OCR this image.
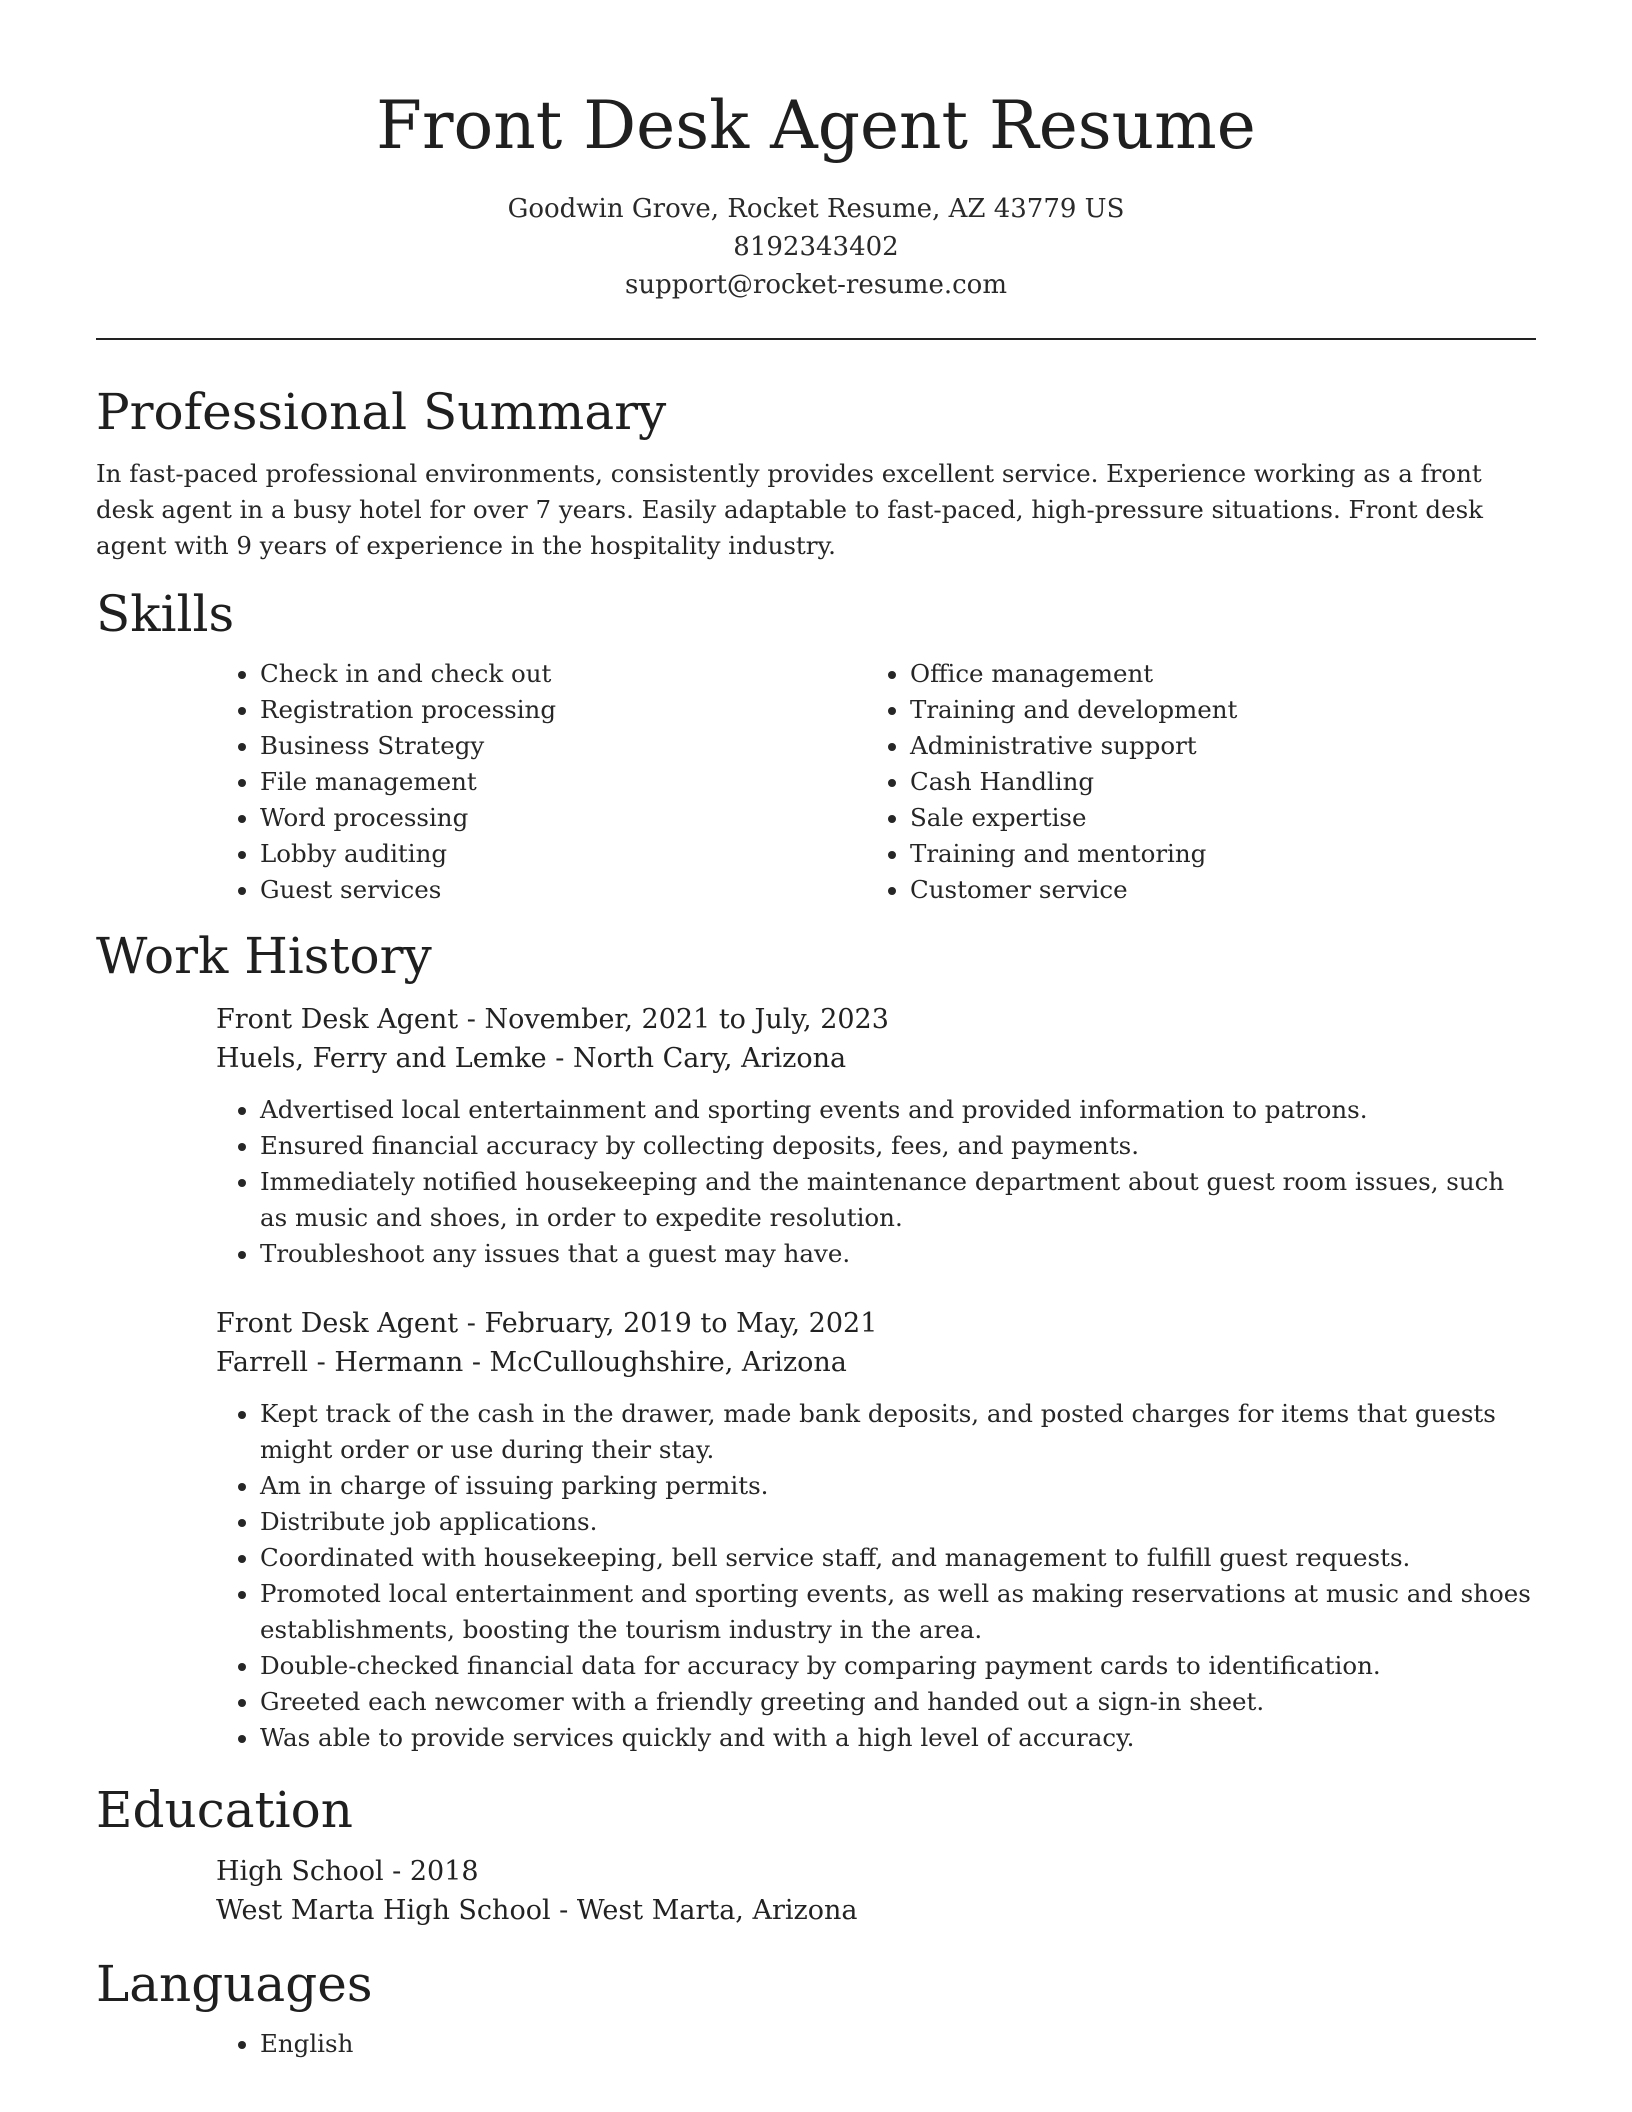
Front Desk Agent Resume
Goodwin Grove, Rocket Resume, AZ 43779 US
8192343402
support@rocket-resume.com
Professional Summary

In fast-paced professional environments, consistently provides excellent service. Experience working as a front desk agent in a busy hotel for over 7 years. Easily adaptable to fast-paced, high-pressure situations. Front desk agent with 9 years of experience in the hospitality industry.

Skills
• Check in and check out
• Registration processing
• Business Strategy
• File management
• Word processing
• Lobby auditing
• Guest services
• Office management
• Training and development
• Administrative support
• Cash Handling
• Sale expertise
• Training and mentoring
• Customer service
Work History
Front Desk Agent - November, 2021 to July, 2023
Huels, Ferry and Lemke - North Cary, Arizona
• Advertised local entertainment and sporting events and provided information to patrons.
• Ensured financial accuracy by collecting deposits, fees, and payments.
• Immediately notified housekeeping and the maintenance department about guest room issues, such as music and shoes, in order to expedite resolution.
• Troubleshoot any issues that a guest may have.
Front Desk Agent - February, 2019 to May, 2021
Farrell - Hermann - McCulloughshire, Arizona
• Kept track of the cash in the drawer, made bank deposits, and posted charges for items that guests might order or use during their stay.
• Am in charge of issuing parking permits.
• Distribute job applications.
• Coordinated with housekeeping, bell service staff, and management to fulfill guest requests.
• Promoted local entertainment and sporting events, as well as making reservations at music and shoes establishments, boosting the tourism industry in the area.
• Double-checked financial data for accuracy by comparing payment cards to identification.
• Greeted each newcomer with a friendly greeting and handed out a sign-in sheet.
• Was able to provide services quickly and with a high level of accuracy.
Education
High School - 2018
West Marta High School - West Marta, Arizona
Languages
• English
